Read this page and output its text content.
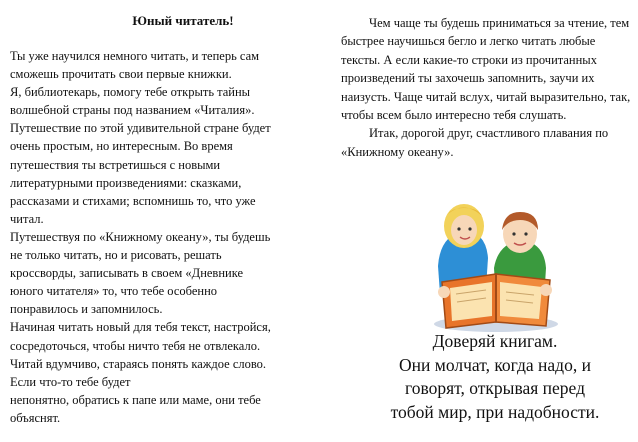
Юный читатель!

Ты уже научился немного читать, и теперь сам
сможешь прочитать свои первые книжки.
Я, библиотекарь, помогу тебе открыть тайны
волшебной страны под названием «Читалия».
Путешествие по этой удивительной стране будет
очень простым, но интересным. Во время
путешествия ты встретишься с новыми
литературными произведениями: сказками,
рассказами и стихами; вспомнишь то, что уже
читал.
Путешествуя по «Книжному океану», ты будешь
не только читать, но и рисовать, решать
кроссворды, записывать в своем «Дневнике
юного читателя» то, что тебе особенно
понравилось и запомнилось.
Начиная читать новый для тебя текст, настройся,
сосредоточься, чтобы ничто тебя не отвлекало.
Читай вдумчиво, стараясь понять каждое слово.
Если что-то тебе будет
непонятно, обратись к папе или маме, они тебе
объяснят.

Чем чаще ты будешь приниматься за чтение, тем быстрее научишься бегло и легко читать любые тексты. А если какие-то строки из прочитанных произведений ты захочешь запомнить, заучи их наизусть. Чаще читай вслух, читай выразительно, так, чтобы всем было интересно тебя слушать.

Итак, дорогой друг, счастливого плавания по «Книжному океану».

Доверяй книгам.
Они молчат, когда надо, и
говорят, открывая перед
тобой мир, при надобности.
